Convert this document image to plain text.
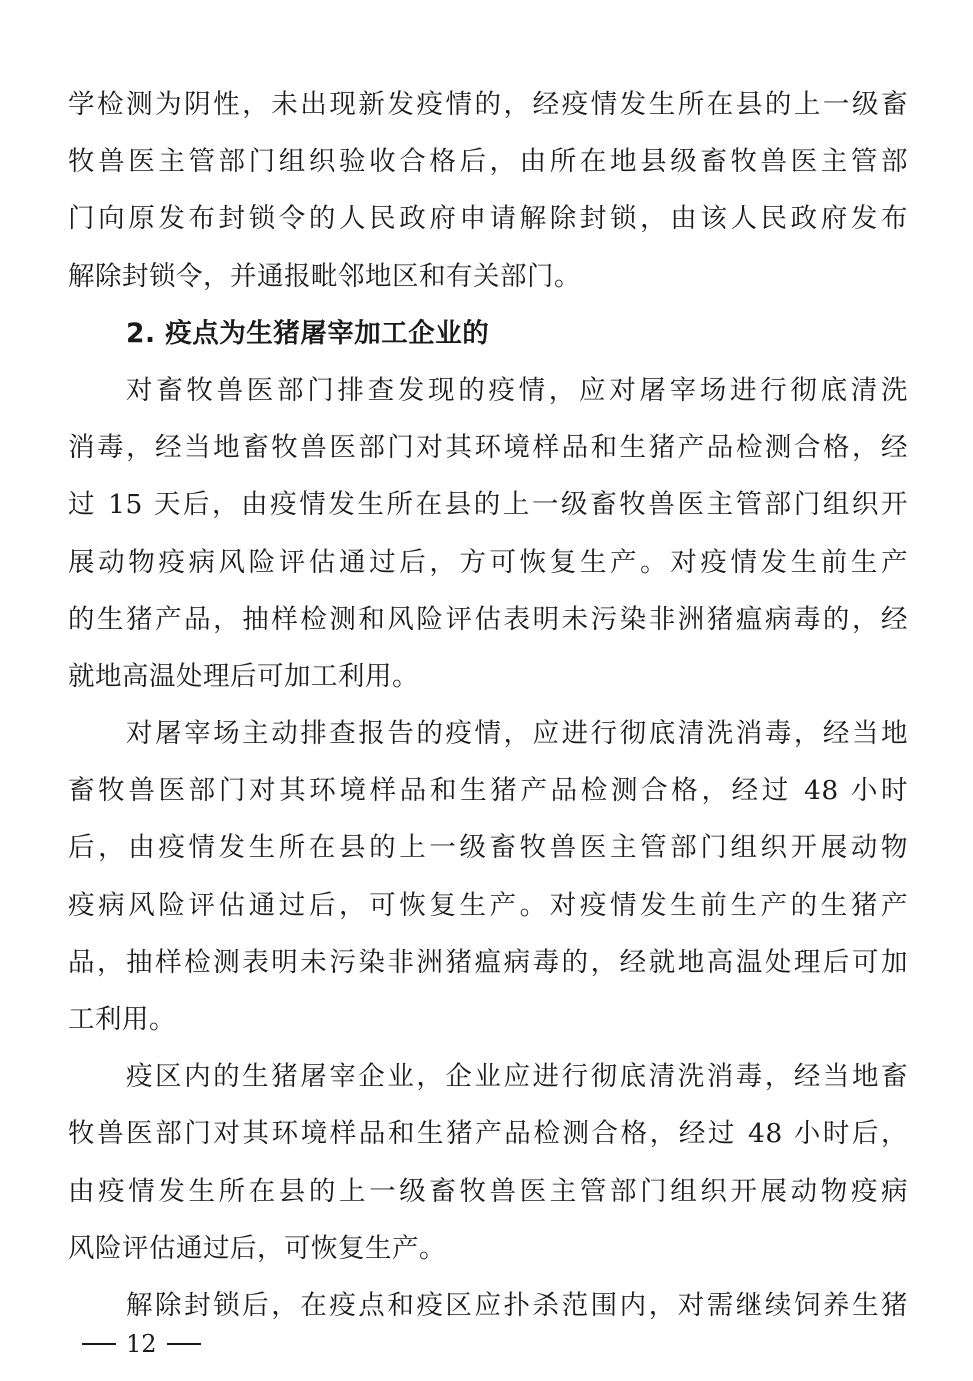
学检测为阴性，未出现新发疫情的，经疫情发生所在县的上一级畜
牧兽医主管部门组织验收合格后，由所在地县级畜牧兽医主管部
门向原发布封锁令的人民政府申请解除封锁，由该人民政府发布
解除封锁令，并通报毗邻地区和有关部门。
2. 疫点为生猪屠宰加工企业的
对畜牧兽医部门排查发现的疫情，应对屠宰场进行彻底清洗
消毒，经当地畜牧兽医部门对其环境样品和生猪产品检测合格，经
过 15 天后，由疫情发生所在县的上一级畜牧兽医主管部门组织开
展动物疫病风险评估通过后，方可恢复生产。对疫情发生前生产
的生猪产品，抽样检测和风险评估表明未污染非洲猪瘟病毒的，经
就地高温处理后可加工利用。
对屠宰场主动排查报告的疫情，应进行彻底清洗消毒，经当地
畜牧兽医部门对其环境样品和生猪产品检测合格，经过 48 小时
后，由疫情发生所在县的上一级畜牧兽医主管部门组织开展动物
疫病风险评估通过后，可恢复生产。对疫情发生前生产的生猪产
品，抽样检测表明未污染非洲猪瘟病毒的，经就地高温处理后可加
工利用。
疫区内的生猪屠宰企业，企业应进行彻底清洗消毒，经当地畜
牧兽医部门对其环境样品和生猪产品检测合格，经过 48 小时后，
由疫情发生所在县的上一级畜牧兽医主管部门组织开展动物疫病
风险评估通过后，可恢复生产。
解除封锁后，在疫点和疫区应扑杀范围内，对需继续饲养生猪
12
